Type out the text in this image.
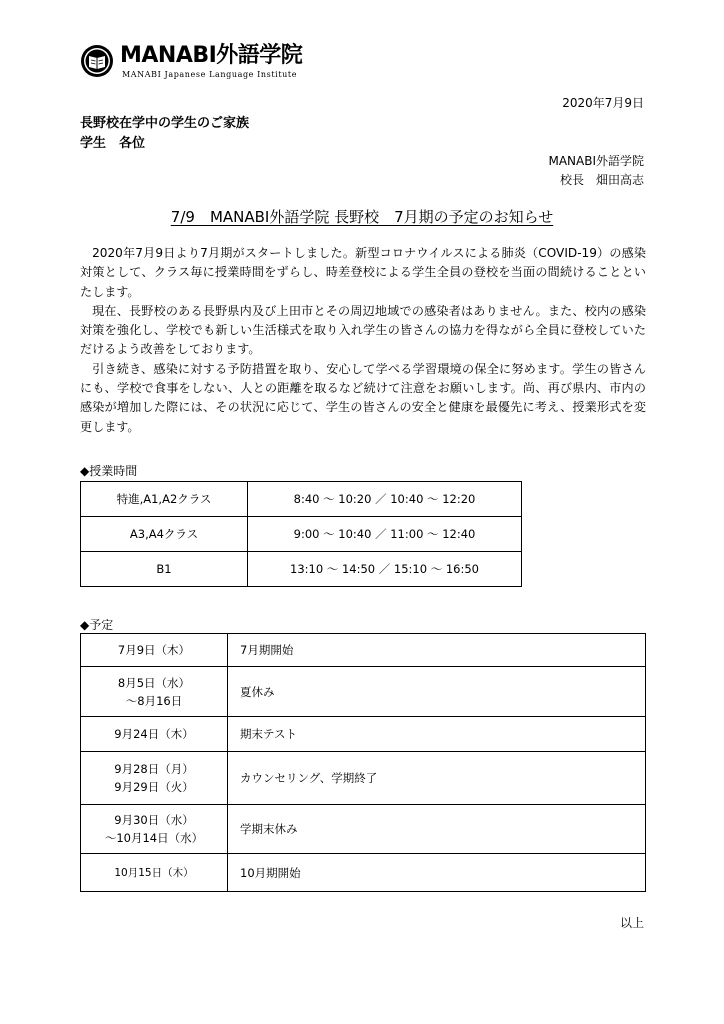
MANABI外語学院
MANABI Japanese Language Institute
2020年7月9日
長野校在学中の学生のご家族
学生　各位
MANABI外語学院
校長　畑田高志
7/9　MANABI外語学院 長野校　7月期の予定のお知らせ

2020年7月9日より7月期がスタートしました。新型コロナウイルスによる肺炎（COVID-19）の感染対策として、クラス毎に授業時間をずらし、時差登校による学生全員の登校を当面の間続けることといたします。

現在、長野校のある長野県内及び上田市とその周辺地域での感染者はありません。また、校内の感染対策を強化し、学校でも新しい生活様式を取り入れ学生の皆さんの協力を得ながら全員に登校していただけるよう改善をしております。

引き続き、感染に対する予防措置を取り、安心して学べる学習環境の保全に努めます。学生の皆さんにも、学校で食事をしない、人との距離を取るなど続けて注意をお願いします。尚、再び県内、市内の感染が増加した際には、その状況に応じて、学生の皆さんの安全と健康を最優先に考え、授業形式を変更します。

◆授業時間
特進,A1,A2クラス	8:40 ～ 10:20 ／ 10:40 ～ 12:20
A3,A4クラス	9:00 ～ 10:40 ／ 11:00 ～ 12:40
B1	13:10 ～ 14:50 ／ 15:10 ～ 16:50
◆予定
7月9日（木）	7月期開始
8月5日（水）
～8月16日	夏休み
9月24日（木）	期末テスト
9月28日（月）
9月29日（火）	カウンセリング、学期終了
9月30日（水）
～10月14日（水）	学期末休み
10月15日（木）	10月期開始
以上
